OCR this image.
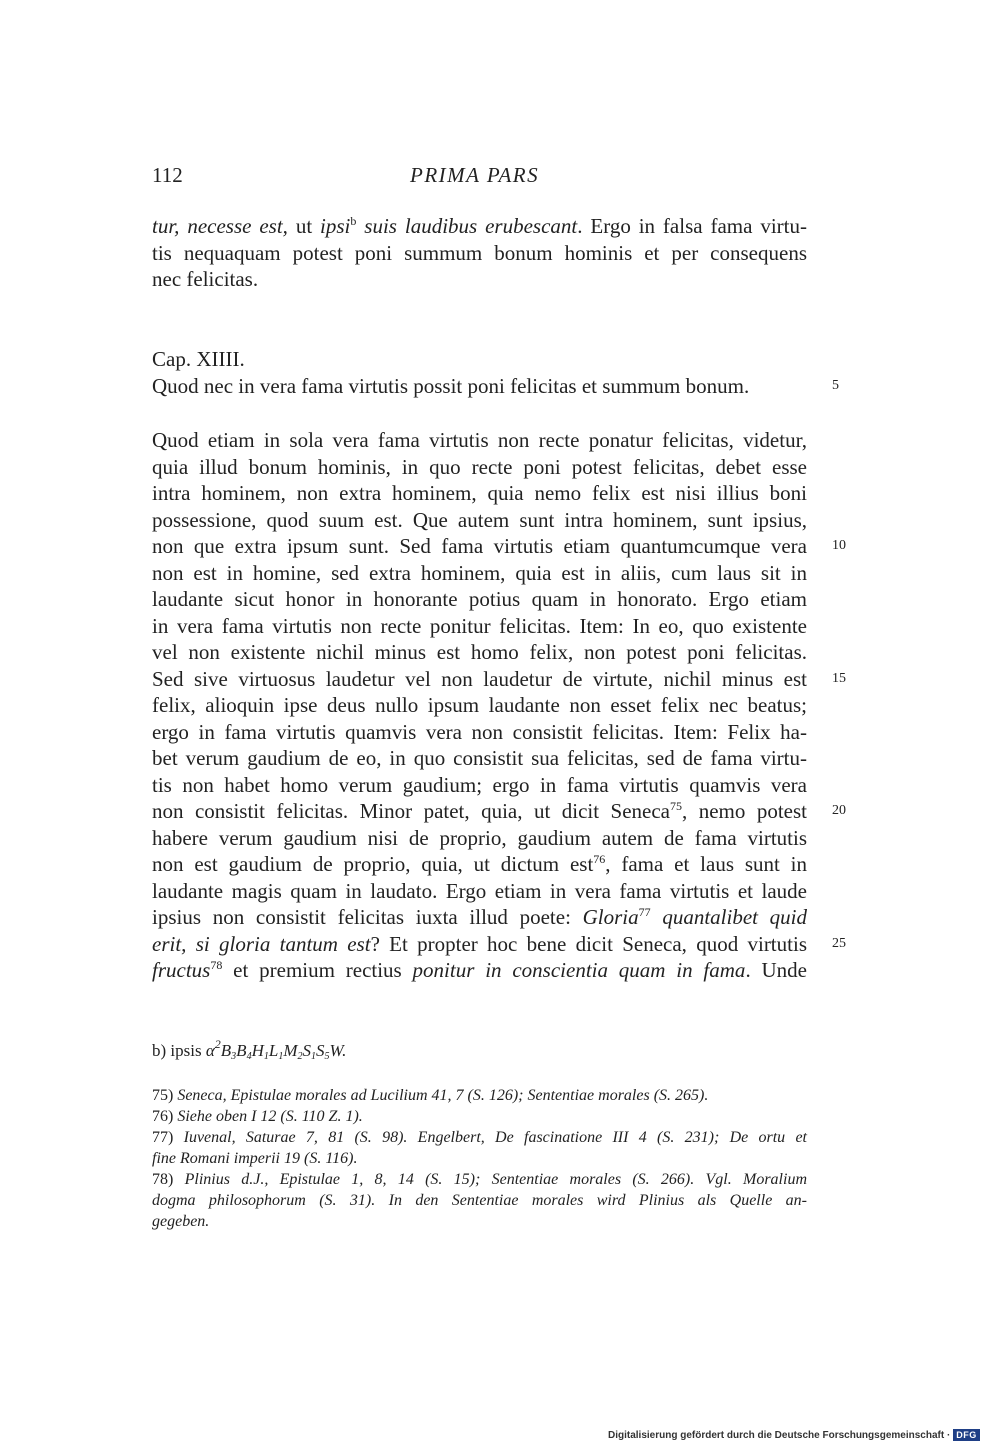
112	PRIMA PARS
tur, necesse est, ut ipsi$^b$ suis laudibus erubescant. Ergo in falsa fama virtu-
tis nequaquam potest poni summum bonum hominis et per consequens
nec felicitas.
Cap. XIIII.
Quod nec in vera fama virtutis possit poni felicitas et summum bonum.	5
Quod etiam in sola vera fama virtutis non recte ponatur felicitas, videtur,
quia illud bonum hominis, in quo recte poni potest felicitas, debet esse
intra hominem, non extra hominem, quia nemo felix est nisi illius boni
possessione, quod suum est. Que autem sunt intra hominem, sunt ipsius,
non que extra ipsum sunt. Sed fama virtutis etiam quantumcumque vera 10
non est in homine, sed extra hominem, quia est in aliis, cum laus sit in
laudante sicut honor in honorante potius quam in honorato. Ergo etiam
in vera fama virtutis non recte ponitur felicitas. Item: In eo, quo existente
vel non existente nichil minus est homo felix, non potest poni felicitas.
Sed sive virtuosus laudetur vel non laudetur de virtute, nichil minus est 15
felix, alioquin ipse deus nullo ipsum laudante non esset felix nec beatus;
ergo in fama virtutis quamvis vera non consistit felicitas. Item: Felix ha-
bet verum gaudium de eo, in quo consistit sua felicitas, sed de fama virtu-
tis non habet homo verum gaudium; ergo in fama virtutis quamvis vera
non consistit felicitas. Minor patet, quia, ut dicit Seneca$^{75}$, nemo potest 20
habere verum gaudium nisi de proprio, gaudium autem de fama virtutis
non est gaudium de proprio, quia, ut dictum est$^{76}$, fama et laus sunt in
laudante magis quam in laudato. Ergo etiam in vera fama virtutis et laude
ipsius non consistit felicitas iuxta illud poete: Gloria$^{77}$ quantalibet quid
erit, si gloria tantum est? Et propter hoc bene dicit Seneca, quod virtutis 25
fructus$^{78}$ et premium rectius ponitur in conscientia quam in fama. Unde
b) ipsis $\alpha^2B_3B_4H_1L_1M_2S_1S_5W$.
75) Seneca, Epistulae morales ad Lucilium 41, 7 (S. 126); Sententiae morales (S. 265).
76) Siehe oben I 12 (S. 110 Z. 1).
77) Iuvenal, Saturae 7, 81 (S. 98). Engelbert, De fascinatione III 4 (S. 231); De ortu et
fine Romani imperii 19 (S. 116).
78) Plinius d.J., Epistulae 1, 8, 14 (S. 15); Sententiae morales (S. 266). Vgl. Moralium
dogma philosophorum (S. 31). In den Sententiae morales wird Plinius als Quelle an-
gegeben.
Digitalisierung gefördert durch die Deutsche Forschungsgemeinschaft · DFG
